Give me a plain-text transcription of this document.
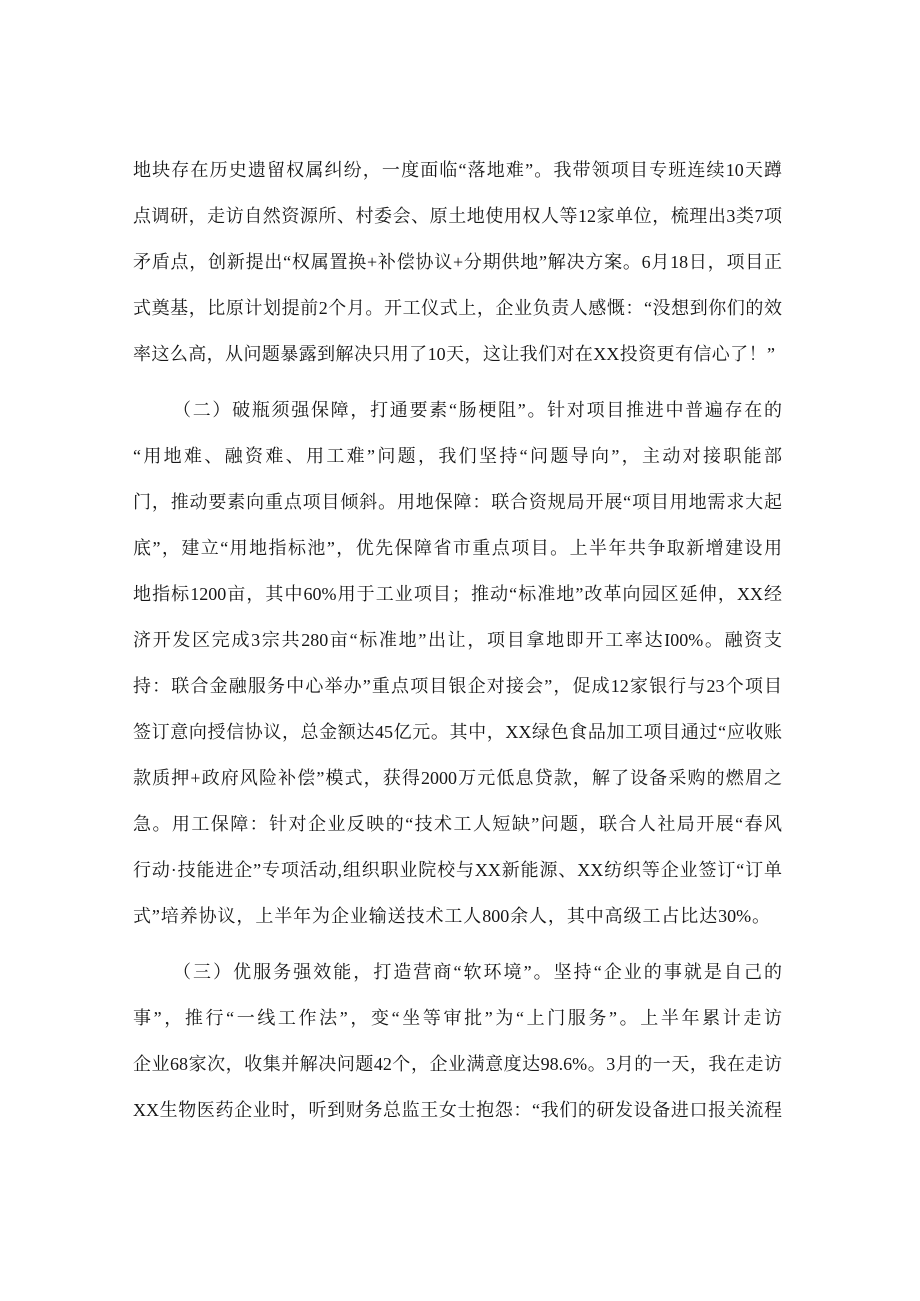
地块存在历史遗留权属纠纷，一度面临“落地难”。我带领项目专班连续10天蹲
点调研，走访自然资源所、村委会、原土地使用权人等12家单位，梳理出3类7项
矛盾点，创新提出“权属置换+补偿协议+分期供地”解决方案。6月18日，项目正
式奠基，比原计划提前2个月。开工仪式上，企业负责人感慨：“没想到你们的效
率这么高，从问题暴露到解决只用了10天，这让我们对在XX投资更有信心了！”
（二）破瓶须强保障，打通要素“肠梗阻”。针对项目推进中普遍存在的
“用地难、融资难、用工难”问题，我们坚持“问题导向”，主动对接职能部
门，推动要素向重点项目倾斜。用地保障：联合资规局开展“项目用地需求大起
底”，建立“用地指标池”，优先保障省市重点项目。上半年共争取新增建设用
地指标1200亩，其中60%用于工业项目；推动“标准地”改革向园区延伸，XX经
济开发区完成3宗共280亩“标准地”出让，项目拿地即开工率达I00%。融资支
持：联合金融服务中心举办”重点项目银企对接会”，促成12家银行与23个项目
签订意向授信协议，总金额达45亿元。其中，XX绿色食品加工项目通过“应收账
款质押+政府风险补偿”模式，获得2000万元低息贷款，解了设备采购的燃眉之
急。用工保障：针对企业反映的“技术工人短缺”问题，联合人社局开展“春风
行动·技能进企”专项活动,组织职业院校与XX新能源、XX纺织等企业签订“订单
式”培养协议，上半年为企业输送技术工人800余人，其中高级工占比达30%。
（三）优服务强效能，打造营商“软环境”。坚持“企业的事就是自己的
事”，推行“一线工作法”，变“坐等审批”为“上门服务”。上半年累计走访
企业68家次，收集并解决问题42个，企业满意度达98.6%。3月的一天，我在走访
XX生物医药企业时，听到财务总监王女士抱怨：“我们的研发设备进口报关流程
